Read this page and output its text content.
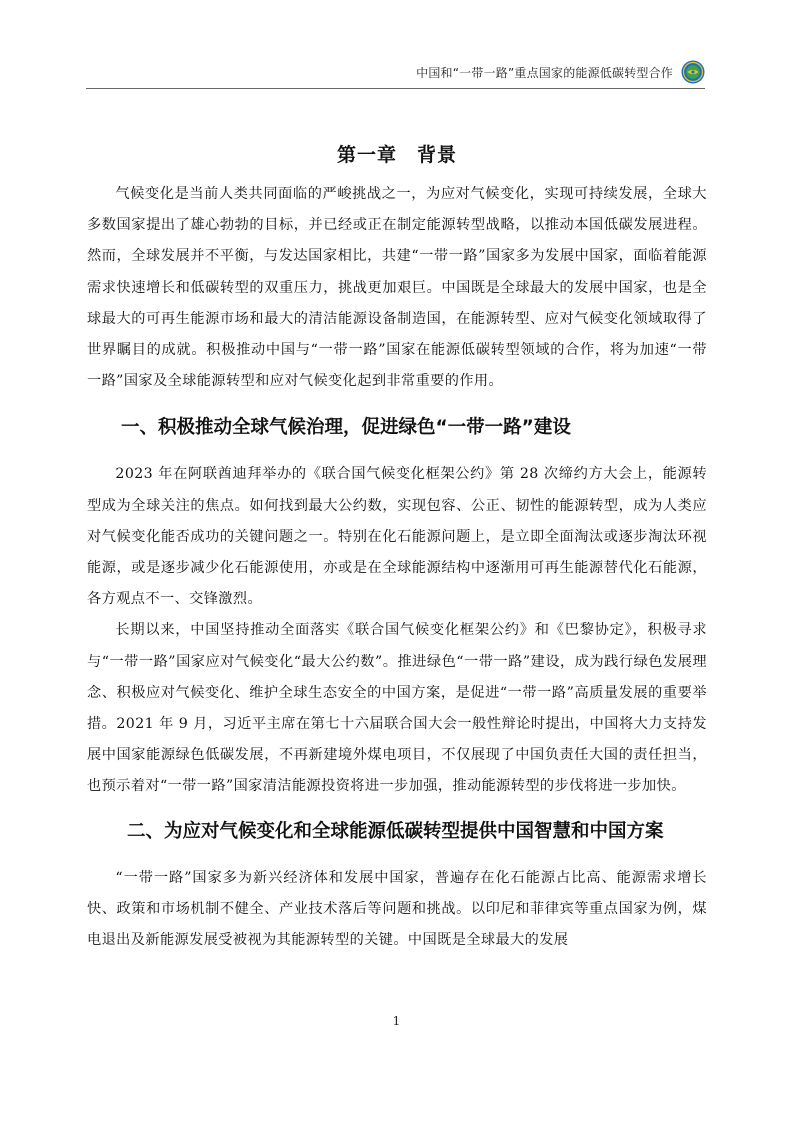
中国和“一带一路”重点国家的能源低碳转型合作
第一章　背景

气候变化是当前人类共同面临的严峻挑战之一，为应对气候变化，实现可持续发展，全球大多数国家提出了雄心勃勃的目标，并已经或正在制定能源转型战略，以推动本国低碳发展进程。然而，全球发展并不平衡，与发达国家相比，共建“一带一路”国家多为发展中国家，面临着能源需求快速增长和低碳转型的双重压力，挑战更加艰巨。中国既是全球最大的发展中国家，也是全球最大的可再生能源市场和最大的清洁能源设备制造国，在能源转型、应对气候变化领域取得了世界瞩目的成就。积极推动中国与“一带一路”国家在能源低碳转型领域的合作，将为加速“一带一路”国家及全球能源转型和应对气候变化起到非常重要的作用。

一、积极推动全球气候治理，促进绿色“一带一路”建设

2023 年在阿联酋迪拜举办的《联合国气候变化框架公约》第 28 次缔约方大会上，能源转型成为全球关注的焦点。如何找到最大公约数，实现包容、公正、韧性的能源转型，成为人类应对气候变化能否成功的关键问题之一。特别在化石能源问题上，是立即全面淘汰或逐步淘汰环视能源，或是逐步减少化石能源使用，亦或是在全球能源结构中逐渐用可再生能源替代化石能源，各方观点不一、交锋激烈。

长期以来，中国坚持推动全面落实《联合国气候变化框架公约》和《巴黎协定》，积极寻求与“一带一路”国家应对气候变化“最大公约数”。推进绿色“一带一路”建设，成为践行绿色发展理念、积极应对气候变化、维护全球生态安全的中国方案，是促进“一带一路”高质量发展的重要举措。2021 年 9 月，习近平主席在第七十六届联合国大会一般性辩论时提出，中国将大力支持发展中国家能源绿色低碳发展，不再新建境外煤电项目，不仅展现了中国负责任大国的责任担当，也预示着对“一带一路”国家清洁能源投资将进一步加强，推动能源转型的步伐将进一步加快。

二、为应对气候变化和全球能源低碳转型提供中国智慧和中国方案

“一带一路”国家多为新兴经济体和发展中国家，普遍存在化石能源占比高、能源需求增长快、政策和市场机制不健全、产业技术落后等问题和挑战。以印尼和菲律宾等重点国家为例，煤电退出及新能源发展受被视为其能源转型的关键。中国既是全球最大的发展

1
